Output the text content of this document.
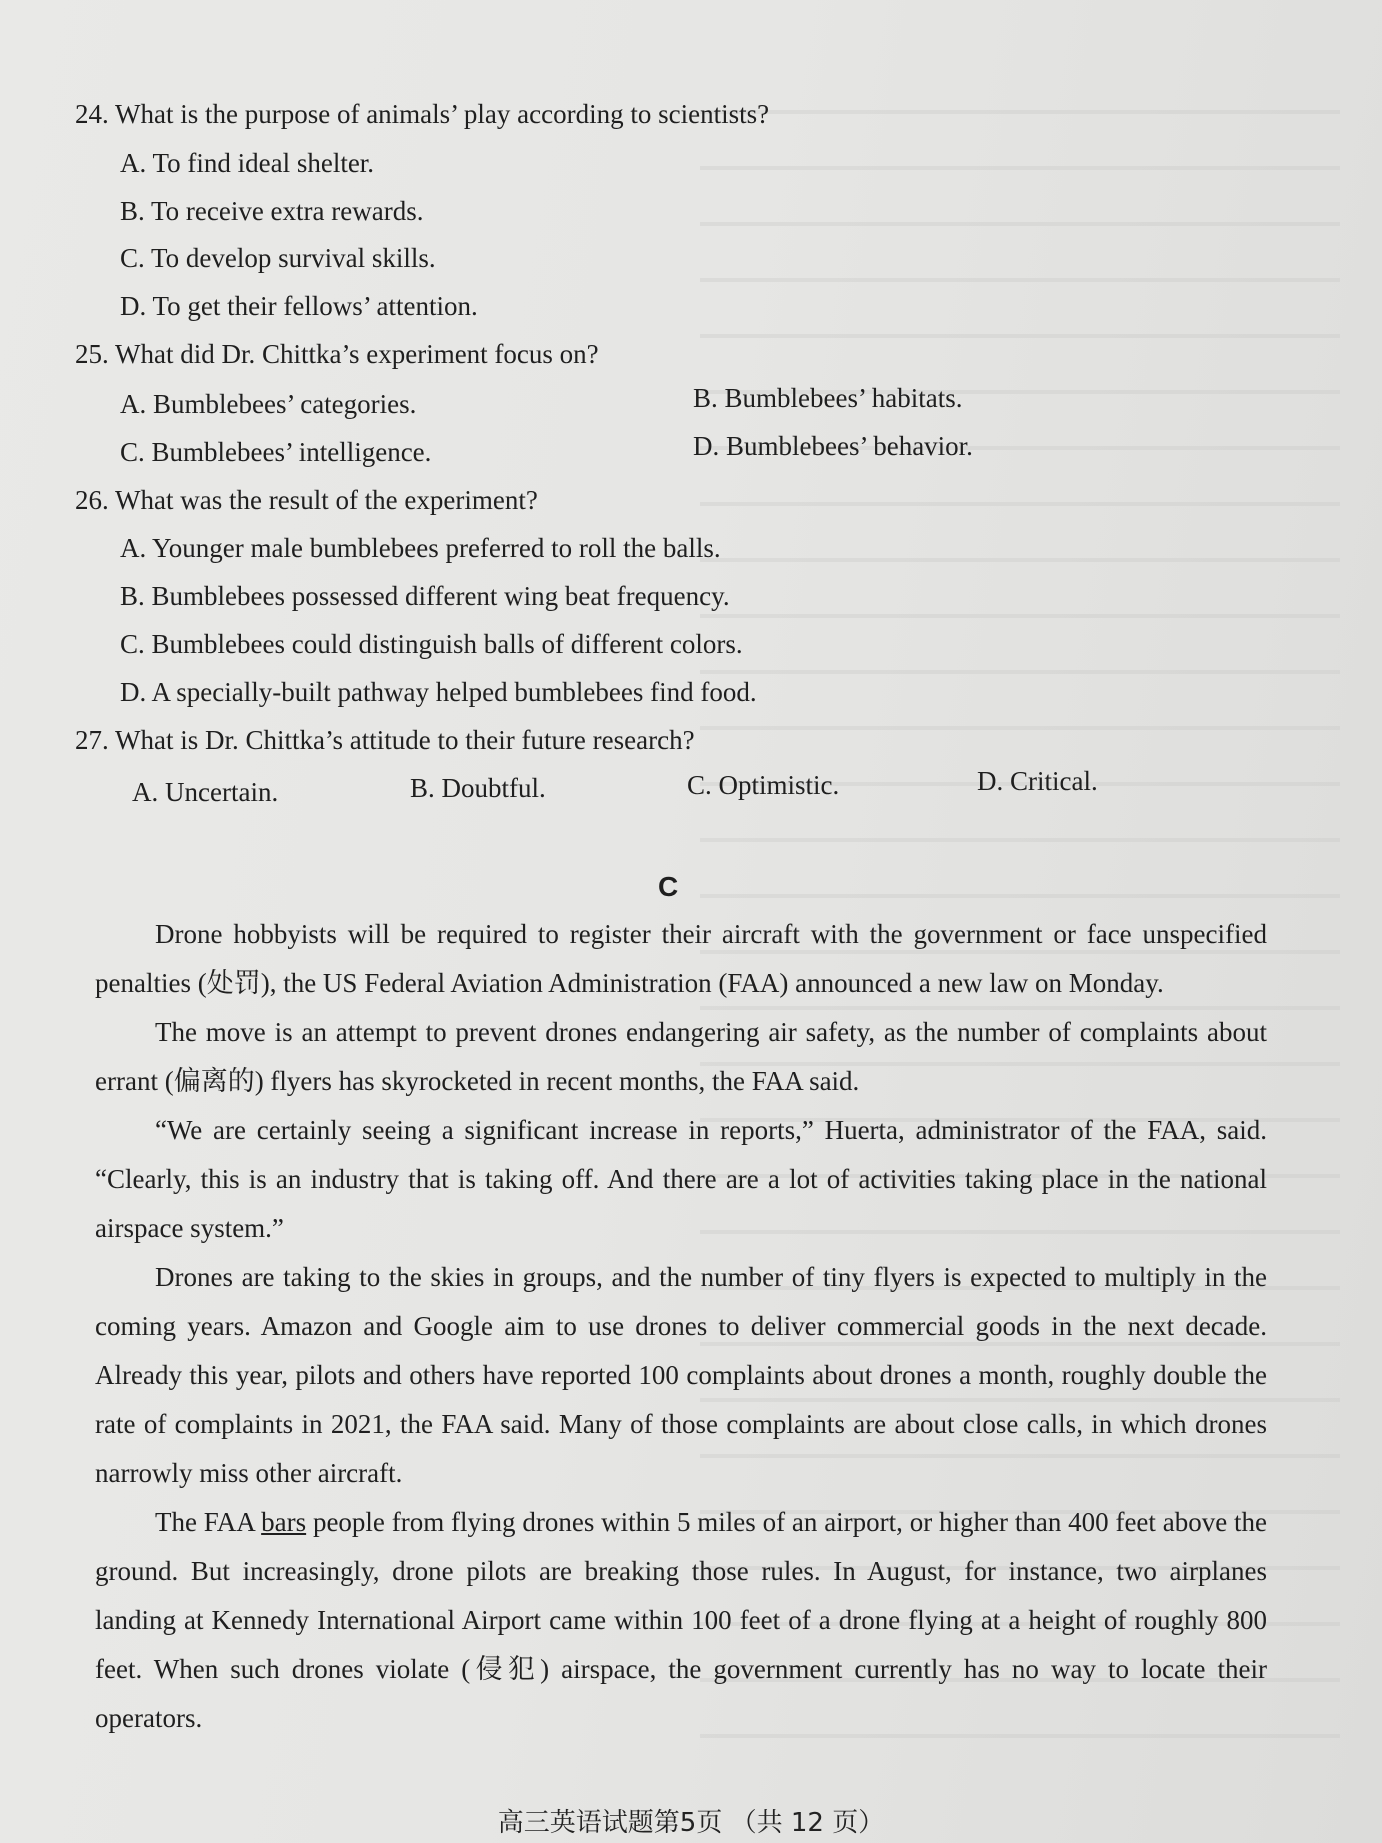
24. What is the purpose of animals’ play according to scientists?
A. To find ideal shelter.
B. To receive extra rewards.
C. To develop survival skills.
D. To get their fellows’ attention.
25. What did Dr. Chittka’s experiment focus on?
A. Bumblebees’ categories.	B. Bumblebees’ habitats.
C. Bumblebees’ intelligence.	D. Bumblebees’ behavior.
26. What was the result of the experiment?
A. Younger male bumblebees preferred to roll the balls.
B. Bumblebees possessed different wing beat frequency.
C. Bumblebees could distinguish balls of different colors.
D. A specially-built pathway helped bumblebees find food.
27. What is Dr. Chittka’s attitude to their future research?
A. Uncertain.	B. Doubtful.	C. Optimistic.	D. Critical.
C

Drone hobbyists will be required to register their aircraft with the government or face unspecified penalties (处罚), the US Federal Aviation Administration (FAA) announced a new law on Monday.

The move is an attempt to prevent drones endangering air safety, as the number of complaints about errant (偏离的) flyers has skyrocketed in recent months, the FAA said.

“We are certainly seeing a significant increase in reports,” Huerta, administrator of the FAA, said. “Clearly, this is an industry that is taking off. And there are a lot of activities taking place in the national airspace system.”

Drones are taking to the skies in groups, and the number of tiny flyers is expected to multiply in the coming years. Amazon and Google aim to use drones to deliver commercial goods in the next decade. Already this year, pilots and others have reported 100 complaints about drones a month, roughly double the rate of complaints in 2021, the FAA said. Many of those complaints are about close calls, in which drones narrowly miss other aircraft.

The FAA bars people from flying drones within 5 miles of an airport, or higher than 400 feet above the ground. But increasingly, drone pilots are breaking those rules. In August, for instance, two airplanes landing at Kennedy International Airport came within 100 feet of a drone flying at a height of roughly 800 feet. When such drones violate (侵犯) airspace, the government currently has no way to locate their operators.

高三英语试题第5页 （共 12 页）
